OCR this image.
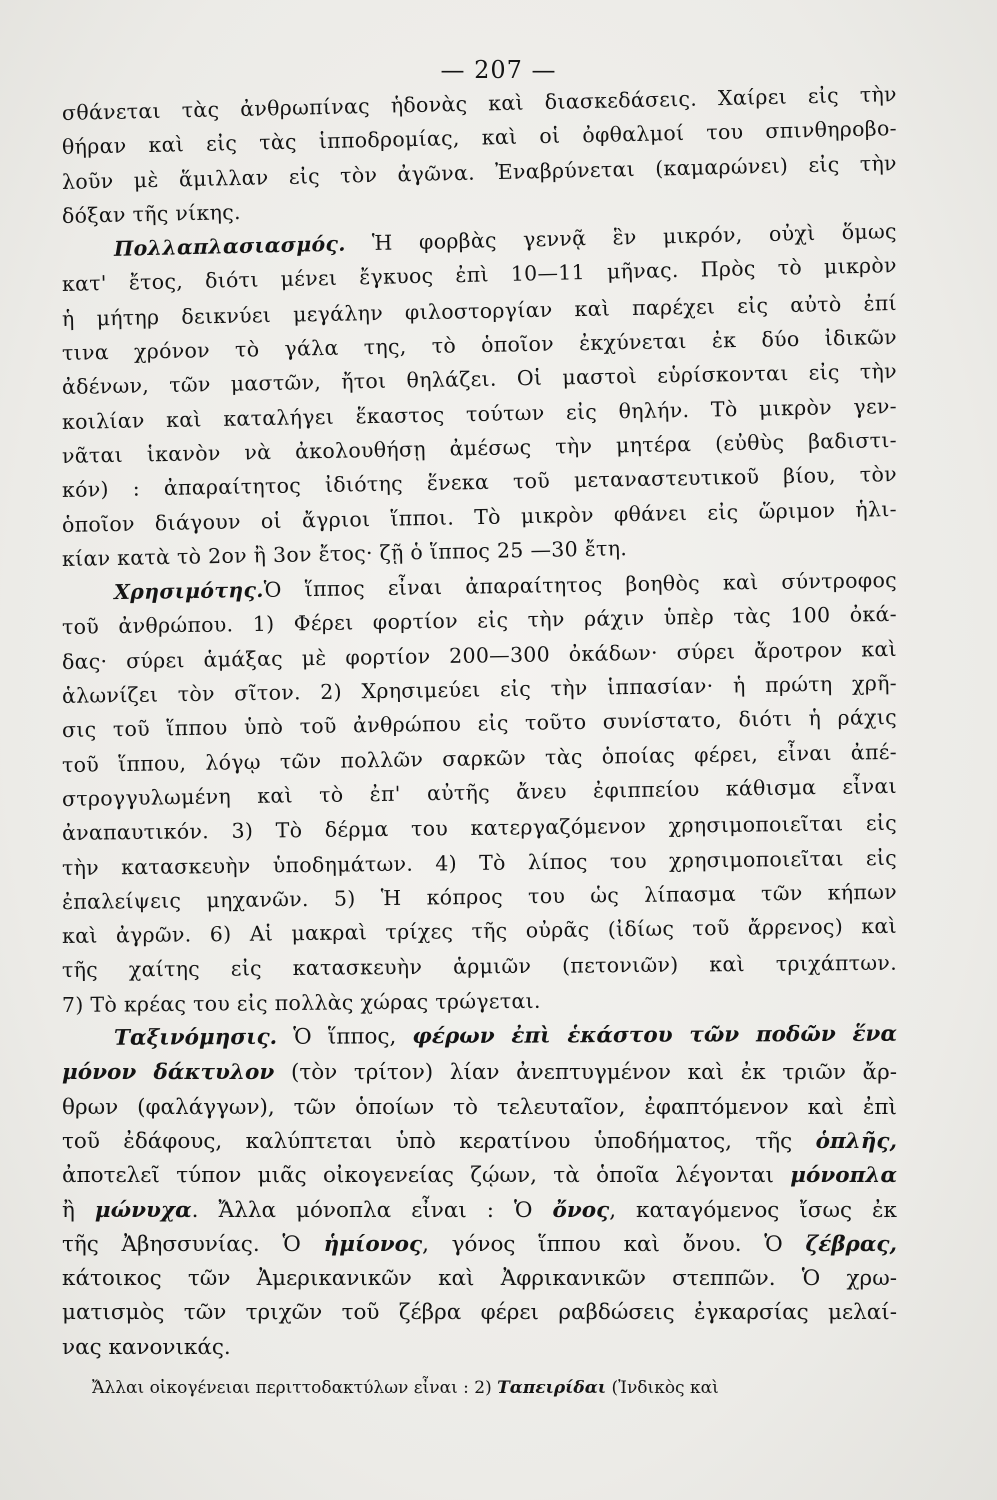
— 207 —
σθάνεται τὰς ἀνθρωπίνας ἡδονὰς καὶ διασκεδάσεις. Χαίρει εἰς τὴν
θήραν καὶ εἰς τὰς ἱπποδρομίας, καὶ οἱ ὀφθαλμοί του σπινθηροβο-
λοῦν μὲ ἅμιλλαν εἰς τὸν ἀγῶνα. Ἐναβρύνεται (καμαρώνει) εἰς τὴν
δόξαν τῆς νίκης.
Πολλαπλασιασμός. Ἡ φορβὰς γεννᾷ ἓν μικρόν, οὐχὶ ὅμως
κατ' ἔτος, διότι μένει ἔγκυος ἐπὶ 10—11 μῆνας. Πρὸς τὸ μικρὸν
ἡ μήτηρ δεικνύει μεγάλην φιλοστοργίαν καὶ παρέχει εἰς αὐτὸ ἐπί
τινα χρόνον τὸ γάλα της, τὸ ὁποῖον ἐκχύνεται ἐκ δύο ἰδικῶν
ἀδένων, τῶν μαστῶν, ἤτοι θηλάζει. Οἱ μαστοὶ εὑρίσκονται εἰς τὴν
κοιλίαν καὶ καταλήγει ἕκαστος τούτων εἰς θηλήν. Τὸ μικρὸν γεν-
νᾶται ἱκανὸν νὰ ἀκολουθήσῃ ἀμέσως τὴν μητέρα (εὐθὺς βαδιστι-
κόν) : ἀπαραίτητος ἰδιότης ἕνεκα τοῦ μεταναστευτικοῦ βίου, τὸν
ὁποῖον διάγουν οἱ ἄγριοι ἵπποι. Τὸ μικρὸν φθάνει εἰς ὥριμον ἡλι-
κίαν κατὰ τὸ 2ον ἢ 3ον ἔτος· ζῇ ὁ ἵππος 25 —30 ἔτη.
Χρησιμότης.Ὁ ἵππος εἶναι ἀπαραίτητος βοηθὸς καὶ σύντροφος
τοῦ ἀνθρώπου. 1) Φέρει φορτίον εἰς τὴν ράχιν ὑπὲρ τὰς 100 ὀκά-
δας· σύρει ἁμάξας μὲ φορτίον 200—300 ὀκάδων· σύρει ἄροτρον καὶ
ἁλωνίζει τὸν σῖτον. 2) Χρησιμεύει εἰς τὴν ἱππασίαν· ἡ πρώτη χρῆ-
σις τοῦ ἵππου ὑπὸ τοῦ ἀνθρώπου εἰς τοῦτο συνίστατο, διότι ἡ ράχις
τοῦ ἵππου, λόγῳ τῶν πολλῶν σαρκῶν τὰς ὁποίας φέρει, εἶναι ἀπέ-
στρογγυλωμένη καὶ τὸ ἐπ' αὐτῆς ἄνευ ἐφιππείου κάθισμα εἶναι
ἀναπαυτικόν. 3) Τὸ δέρμα του κατεργαζόμενον χρησιμοποιεῖται εἰς
τὴν κατασκευὴν ὑποδημάτων. 4) Τὸ λίπος του χρησιμοποιεῖται εἰς
ἐπαλείψεις μηχανῶν. 5) Ἡ κόπρος του ὡς λίπασμα τῶν κήπων
καὶ ἀγρῶν. 6) Αἱ μακραὶ τρίχες τῆς οὐρᾶς (ἰδίως τοῦ ἄρρενος) καὶ
τῆς χαίτης εἰς κατασκευὴν ἁρμιῶν (πετονιῶν) καὶ τριχάπτων.
7) Τὸ κρέας του εἰς πολλὰς χώρας τρώγεται.
Ταξινόμησις. Ὁ ἵππος, φέρων ἐπὶ ἑκάστου τῶν ποδῶν ἕνα
μόνον δάκτυλον (τὸν τρίτον) λίαν ἀνεπτυγμένον καὶ ἐκ τριῶν ἄρ-
θρων (φαλάγγων), τῶν ὁποίων τὸ τελευταῖον, ἐφαπτόμενον καὶ ἐπὶ
τοῦ ἐδάφους, καλύπτεται ὑπὸ κερατίνου ὑποδήματος, τῆς ὁπλῆς,
ἀποτελεῖ τύπον μιᾶς οἰκογενείας ζῴων, τὰ ὁποῖα λέγονται μόνοπλα
ἢ μώνυχα. Ἄλλα μόνοπλα εἶναι : Ὁ ὄνος, καταγόμενος ἴσως ἐκ
τῆς Ἀβησσυνίας. Ὁ ἡμίονος, γόνος ἵππου καὶ ὄνου. Ὁ ζέβρας,
κάτοικος τῶν Ἀμερικανικῶν καὶ Ἀφρικανικῶν στεππῶν. Ὁ χρω-
ματισμὸς τῶν τριχῶν τοῦ ζέβρα φέρει ραβδώσεις ἐγκαρσίας μελαί-
νας κανονικάς.
Ἄλλαι οἰκογένειαι περιττοδακτύλων εἶναι : 2) Ταπειρίδαι (Ἰνδικὸς καὶ
